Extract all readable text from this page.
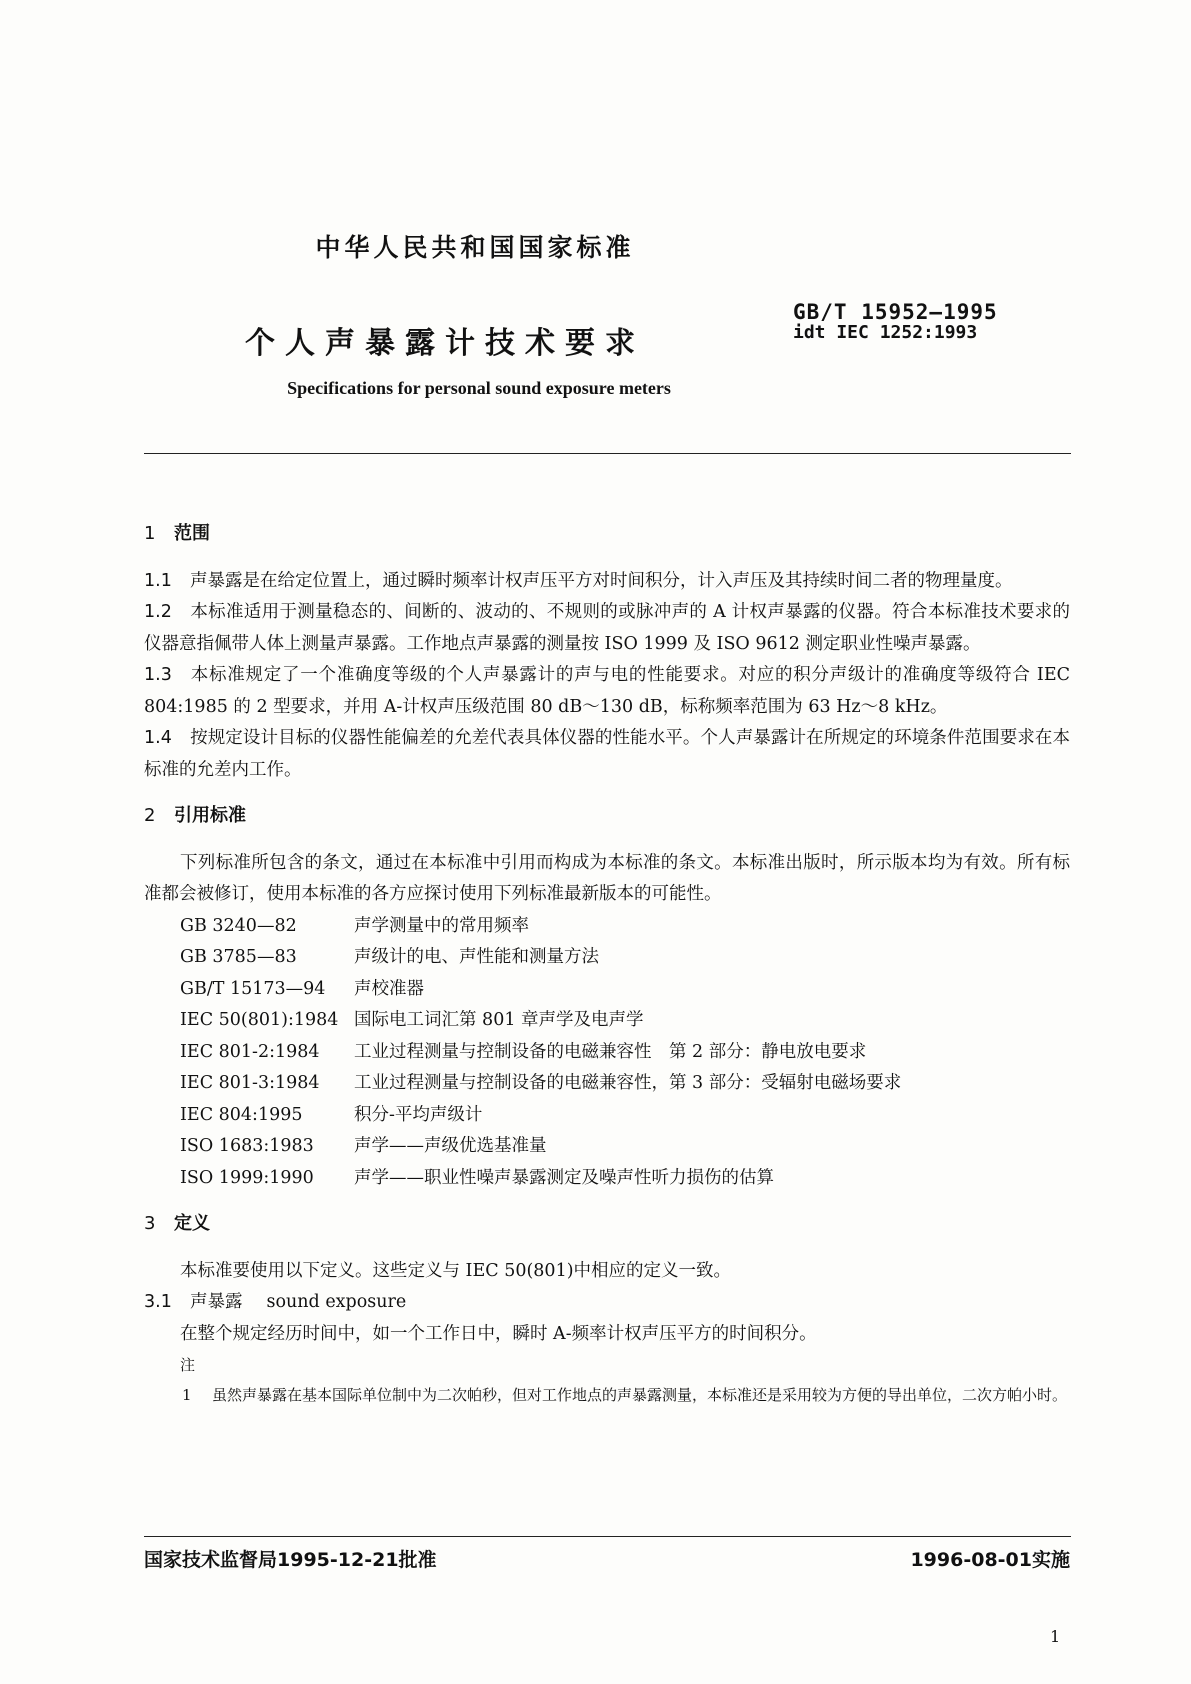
中华人民共和国国家标准
个人声暴露计技术要求
GB/T 15952—1995
idt IEC 1252:1993
Specifications for personal sound exposure meters
1 范围
1.1 声暴露是在给定位置上，通过瞬时频率计权声压平方对时间积分，计入声压及其持续时间二者的物理量度。
1.2 本标准适用于测量稳态的、间断的、波动的、不规则的或脉冲声的 A 计权声暴露的仪器。符合本标准技术要求的仪器意指佩带人体上测量声暴露。工作地点声暴露的测量按 ISO 1999 及 ISO 9612 测定职业性噪声暴露。
1.3 本标准规定了一个准确度等级的个人声暴露计的声与电的性能要求。对应的积分声级计的准确度等级符合 IEC 804:1985 的 2 型要求，并用 A-计权声压级范围 80 dB～130 dB，标称频率范围为 63 Hz～8 kHz。
1.4 按规定设计目标的仪器性能偏差的允差代表具体仪器的性能水平。个人声暴露计在所规定的环境条件范围要求在本标准的允差内工作。
2 引用标准
下列标准所包含的条文，通过在本标准中引用而构成为本标准的条文。本标准出版时，所示版本均为有效。所有标准都会被修订，使用本标准的各方应探讨使用下列标准最新版本的可能性。
GB 3240—82	声学测量中的常用频率
GB 3785—83	声级计的电、声性能和测量方法
GB/T 15173—94 声校准器
IEC 50(801):1984 国际电工词汇第 801 章声学及电声学
IEC 801-2:1984 工业过程测量与控制设备的电磁兼容性　第 2 部分：静电放电要求
IEC 801-3:1984 工业过程测量与控制设备的电磁兼容性，第 3 部分：受辐射电磁场要求
IEC 804:1995	积分-平均声级计
ISO 1683:1983 声学——声级优选基准量
ISO 1999:1990 声学——职业性噪声暴露测定及噪声性听力损伤的估算
3 定义
本标准要使用以下定义。这些定义与 IEC 50(801)中相应的定义一致。
3.1 声暴露 sound exposure
在整个规定经历时间中，如一个工作日中，瞬时 A-频率计权声压平方的时间积分。
注
1 虽然声暴露在基本国际单位制中为二次帕秒，但对工作地点的声暴露测量，本标准还是采用较为方便的导出单位，二次方帕小时。
国家技术监督局1995-12-21批准	1996-08-01实施
1
